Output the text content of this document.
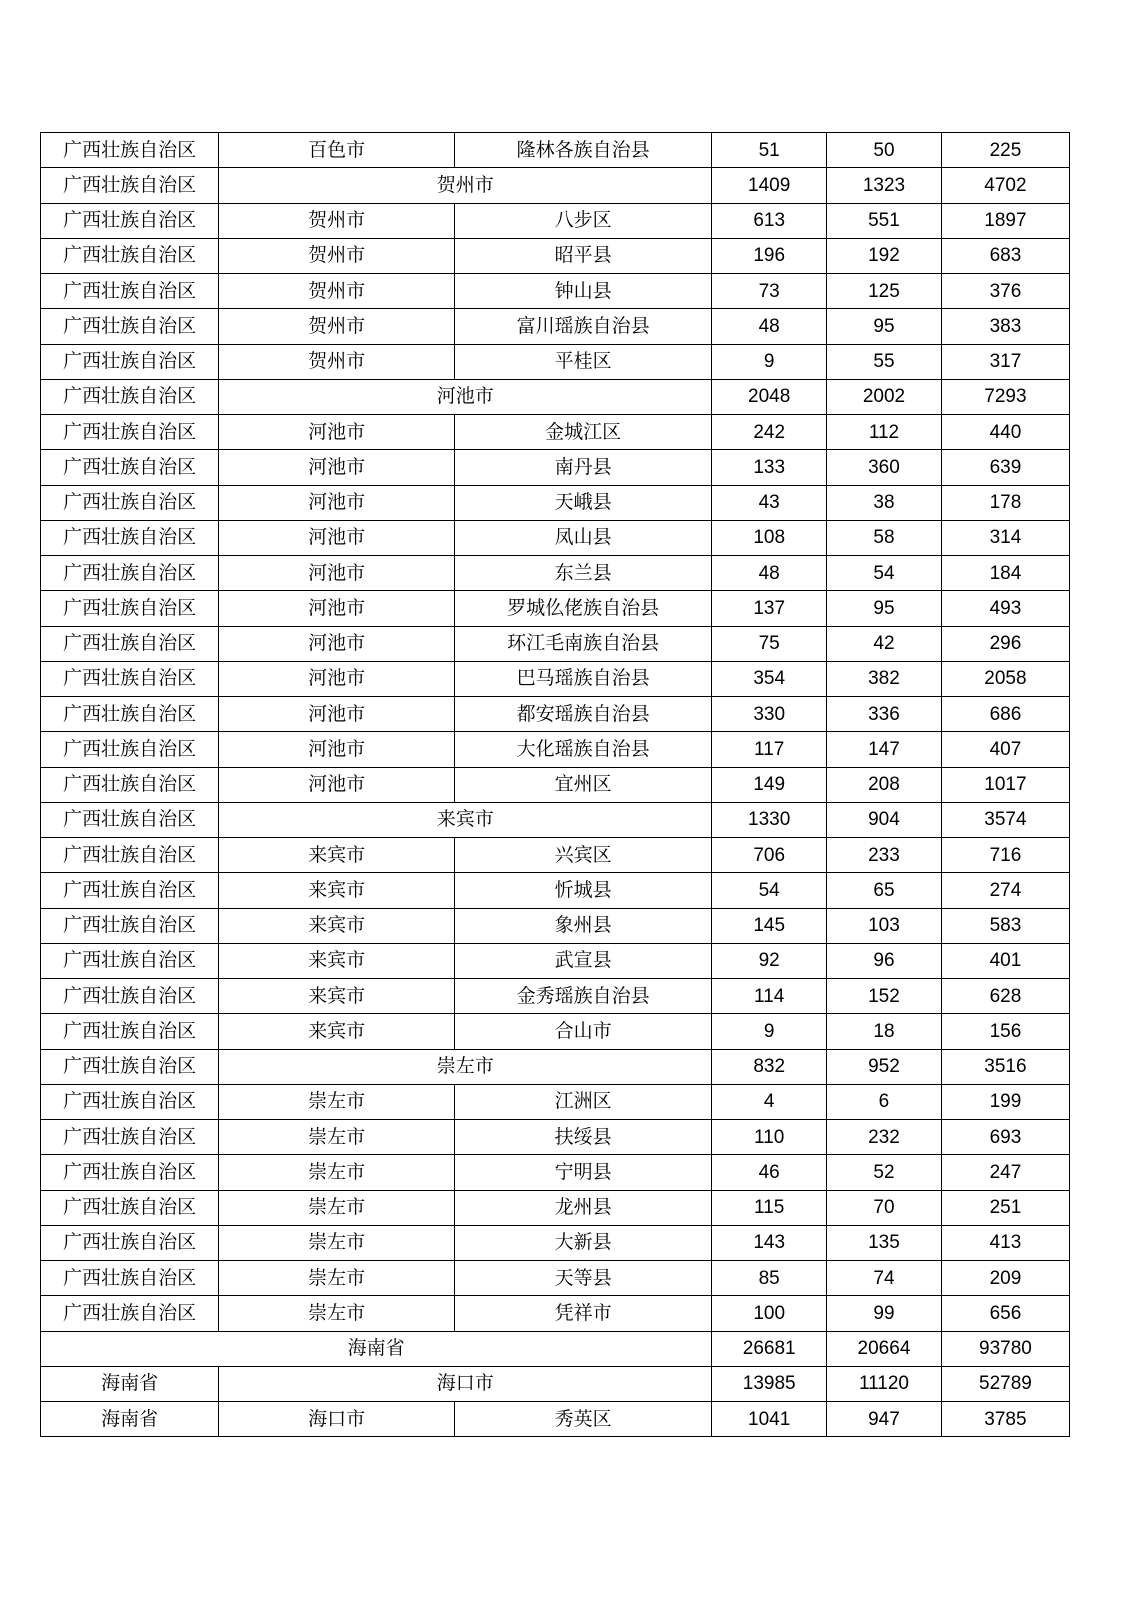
广西壮族自治区	百色市	隆林各族自治县	51	50	225
广西壮族自治区	贺州市		1409	1323	4702
广西壮族自治区	贺州市	八步区	613	551	1897
广西壮族自治区	贺州市	昭平县	196	192	683
广西壮族自治区	贺州市	钟山县	73	125	376
广西壮族自治区	贺州市	富川瑶族自治县	48	95	383
广西壮族自治区	贺州市	平桂区	9	55	317
广西壮族自治区	河池市		2048	2002	7293
广西壮族自治区	河池市	金城江区	242	112	440
广西壮族自治区	河池市	南丹县	133	360	639
广西壮族自治区	河池市	天峨县	43	38	178
广西壮族自治区	河池市	凤山县	108	58	314
广西壮族自治区	河池市	东兰县	48	54	184
广西壮族自治区	河池市	罗城仫佬族自治县	137	95	493
广西壮族自治区	河池市	环江毛南族自治县	75	42	296
广西壮族自治区	河池市	巴马瑶族自治县	354	382	2058
广西壮族自治区	河池市	都安瑶族自治县	330	336	686
广西壮族自治区	河池市	大化瑶族自治县	117	147	407
广西壮族自治区	河池市	宜州区	149	208	1017
广西壮族自治区	来宾市		1330	904	3574
广西壮族自治区	来宾市	兴宾区	706	233	716
广西壮族自治区	来宾市	忻城县	54	65	274
广西壮族自治区	来宾市	象州县	145	103	583
广西壮族自治区	来宾市	武宣县	92	96	401
广西壮族自治区	来宾市	金秀瑶族自治县	114	152	628
广西壮族自治区	来宾市	合山市	9	18	156
广西壮族自治区	崇左市		832	952	3516
广西壮族自治区	崇左市	江洲区	4	6	199
广西壮族自治区	崇左市	扶绥县	110	232	693
广西壮族自治区	崇左市	宁明县	46	52	247
广西壮族自治区	崇左市	龙州县	115	70	251
广西壮族自治区	崇左市	大新县	143	135	413
广西壮族自治区	崇左市	天等县	85	74	209
广西壮族自治区	崇左市	凭祥市	100	99	656
海南省			26681	20664	93780
海南省	海口市		13985	11120	52789
海南省	海口市	秀英区	1041	947	3785
